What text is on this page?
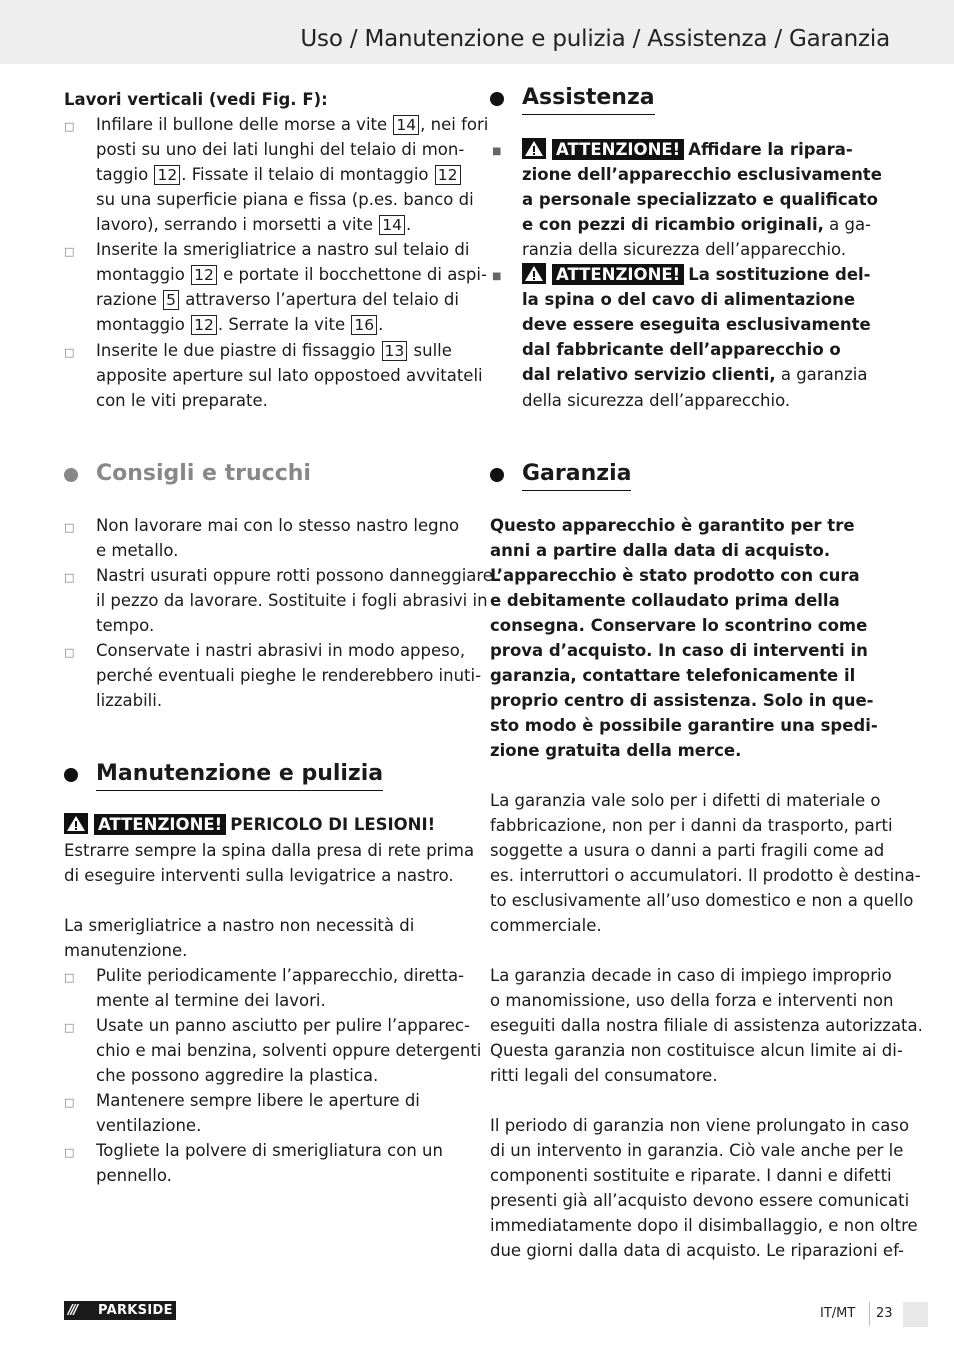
Uso / Manutenzione e pulizia / Assistenza / Garanzia
Lavori verticali (vedi Fig. F):
□ Infilare il bullone delle morse a vite 14 , nei fori
posti su uno dei lati lunghi del telaio di mon-
taggio 12 . Fissate il telaio di montaggio 12
su una superficie piana e fissa (p.es. banco di
lavoro), serrando i morsetti a vite 14 .
□ Inserite la smerigliatrice a nastro sul telaio di
montaggio 12 e portate il bocchettone di aspi-
razione 5 attraverso l’apertura del telaio di
montaggio 12 . Serrate la vite 16 .
□ Inserite le due piastre di fissaggio 13 sulle
apposite aperture sul lato oppostoed avvitateli
con le viti preparate.
Consigli e trucchi
□ Non lavorare mai con lo stesso nastro legno
e metallo.
□ Nastri usurati oppure rotti possono danneggiare
il pezzo da lavorare. Sostituite i fogli abrasivi in
tempo.
□ Conservate i nastri abrasivi in modo appeso,
perché eventuali pieghe le renderebbero inuti-
lizzabili.
Manutenzione e pulizia
ATTENZIONE! PERICOLO DI LESIONI!
Estrarre sempre la spina dalla presa di rete prima
di eseguire interventi sulla levigatrice a nastro.
La smerigliatrice a nastro non necessità di
manutenzione.
□ Pulite periodicamente l’apparecchio, diretta-
mente al termine dei lavori.
□ Usate un panno asciutto per pulire l’apparec-
chio e mai benzina, solventi oppure detergenti
che possono aggredire la plastica.
□ Mantenere sempre libere le aperture di
ventilazione.
□ Togliete la polvere di smerigliatura con un
pennello.
Assistenza
■	ATTENZIONE! Affidare la ripara-
zione dell’apparecchio esclusivamente
a personale specializzato e qualificato
e con pezzi di ricambio originali, a ga-
ranzia della sicurezza dell’apparecchio.
■	ATTENZIONE! La sostituzione del-
la spina o del cavo di alimentazione
deve essere eseguita esclusivamente
dal fabbricante dell’apparecchio o
dal relativo servizio clienti, a garanzia
della sicurezza dell’apparecchio.
Garanzia
Questo apparecchio è garantito per tre
anni a partire dalla data di acquisto.
L’apparecchio è stato prodotto con cura
e debitamente collaudato prima della
consegna. Conservare lo scontrino come
prova d’acquisto. In caso di interventi in
garanzia, contattare telefonicamente il
proprio centro di assistenza. Solo in que-
sto modo è possibile garantire una spedi-
zione gratuita della merce.
La garanzia vale solo per i difetti di materiale o
fabbricazione, non per i danni da trasporto, parti
soggette a usura o danni a parti fragili come ad
es. interruttori o accumulatori. Il prodotto è destina-
to esclusivamente all’uso domestico e non a quello
commerciale.
La garanzia decade in caso di impiego improprio
o manomissione, uso della forza e interventi non
eseguiti dalla nostra filiale di assistenza autorizzata.
Questa garanzia non costituisce alcun limite ai di-
ritti legali del consumatore.
Il periodo di garanzia non viene prolungato in caso
di un intervento in garanzia. Ciò vale anche per le
componenti sostituite e riparate. I danni e difetti
presenti già all’acquisto devono essere comunicati
immediatamente dopo il disimballaggio, e non oltre
due giorni dalla data di acquisto. Le riparazioni ef-
/// PARKSIDE	IT/MT 23
